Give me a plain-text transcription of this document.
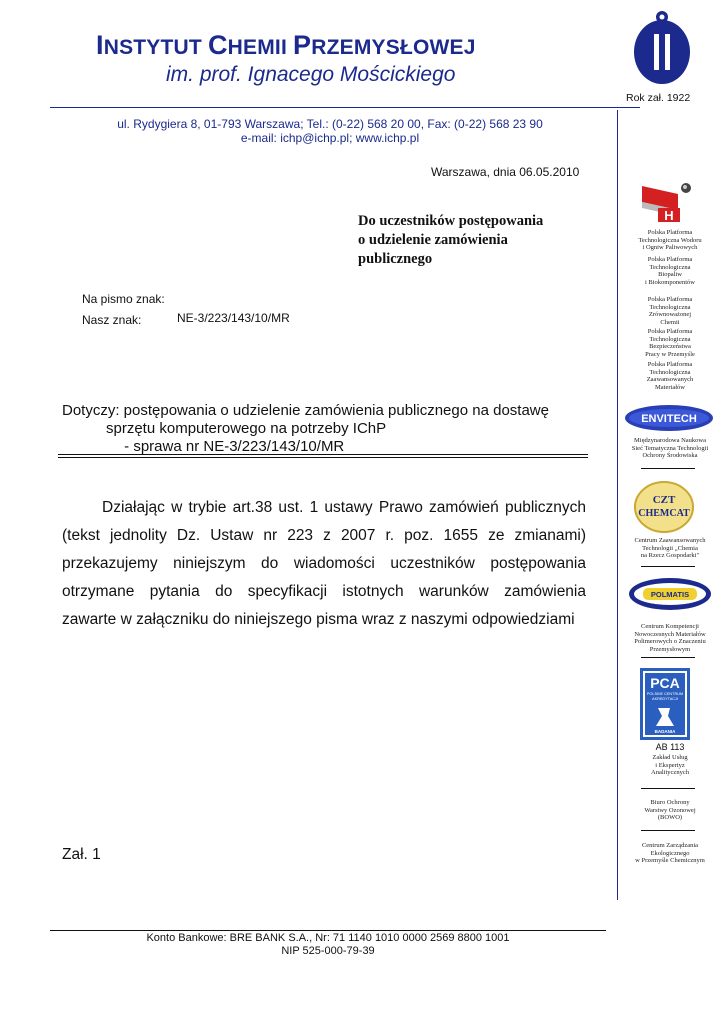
INSTYTUT CHEMII PRZEMYSŁOWEJ
im. prof. Ignacego Mościckiego
Rok zał. 1922
ul. Rydygiera 8, 01-793 Warszawa; Tel.: (0-22) 568 20 00, Fax: (0-22) 568 23 90
e-mail: ichp@ichp.pl; www.ichp.pl
Warszawa, dnia 06.05.2010
Do uczestników postępowania
o udzielenie zamówienia
publicznego
Na pismo znak:
Nasz znak:	NE-3/223/143/10/MR
Dotyczy: postępowania o udzielenie zamówienia publicznego na dostawę
sprzętu komputerowego na potrzeby IChP
- sprawa nr NE-3/223/143/10/MR
Działając w trybie art.38 ust. 1 ustawy Prawo zamówień publicznych
(tekst jednolity Dz. Ustaw nr 223 z 2007 r. poz. 1655 ze zmianami)
przekazujemy niniejszym do wiadomości uczestników postępowania
otrzymane pytania do specyfikacji istotnych warunków zamówienia
zawarte w załączniku do niniejszego pisma wraz z naszymi odpowiedziami
Zał. 1
Konto Bankowe: BRE BANK S.A., Nr: 71 1140 1010 0000 2569 8800 1001
NIP 525-000-79-39
H
Polska Platforma
Technologiczna Wodoru
i Ogniw Paliwowych
Polska Platforma
Technologiczna
Biopaliw
i Biokomponentów
Polska Platforma
Technologiczna
Zrównoważonej
Chemii
Polska Platforma
Technologiczna
Bezpieczeństwa
Pracy w Przemyśle
Polska Platforma
Technologiczna
Zaawansowanych
Materiałów
ENVITECH
Międzynarodowa Naukowa
Sieć Tematyczna Technologii
Ochrony Środowiska
CZT
CHEMCAT
Centrum Zaawansowanych
Technologii „Chemia
na Rzecz Gospodarki"
POLMATIS
Centrum Kompetencji
Nowoczesnych Materiałów
Polimerowych o Znaczeniu
Przemysłowym
PCA
POLSKIE CENTRUM
AKREDYTACJI
BADANIA
AB 113
Zakład Usług
i Ekspertyz
Analitycznych
Biuro Ochrony
Warstwy Ozonowej
(BOWO)
Centrum Zarządzania
Ekologicznego
w Przemyśle Chemicznym
